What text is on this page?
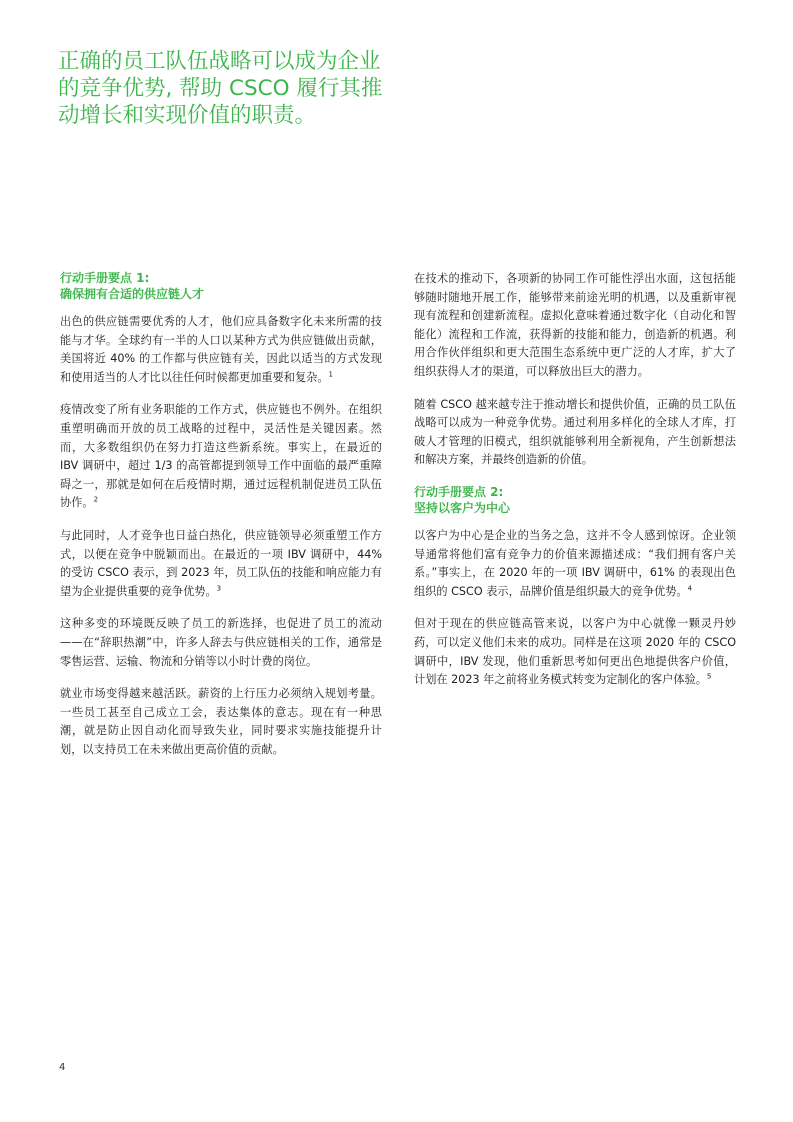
正确的员工队伍战略可以成为企业的竞争优势, 帮助 CSCO 履行其推动增长和实现价值的职责。
行动手册要点 1:
确保拥有合适的供应链人才

出色的供应链需要优秀的人才，他们应具备数字化未来所需的技能与才华。全球约有一半的人口以某种方式为供应链做出贡献，美国将近 40% 的工作都与供应链有关，因此以适当的方式发现和使用适当的人才比以往任何时候都更加重要和复杂。$^1$

疫情改变了所有业务职能的工作方式，供应链也不例外。在组织重塑明确而开放的员工战略的过程中，灵活性是关键因素。然而，大多数组织仍在努力打造这些新系统。事实上，在最近的 IBV 调研中，超过 1/3 的高管都提到领导工作中面临的最严重障碍之一，那就是如何在后疫情时期，通过远程机制促进员工队伍协作。$^2$

与此同时，人才竞争也日益白热化，供应链领导必须重塑工作方式，以便在竞争中脱颖而出。在最近的一项 IBV 调研中，44% 的受访 CSCO 表示，到 2023 年，员工队伍的技能和响应能力有望为企业提供重要的竞争优势。$^3$

这种多变的环境既反映了员工的新选择，也促进了员工的流动——在“辞职热潮”中，许多人辞去与供应链相关的工作，通常是零售运营、运输、物流和分销等以小时计费的岗位。

就业市场变得越来越活跃。薪资的上行压力必须纳入规划考量。一些员工甚至自己成立工会，表达集体的意志。现在有一种思潮，就是防止因自动化而导致失业，同时要求实施技能提升计划，以支持员工在未来做出更高价值的贡献。

在技术的推动下，各项新的协同工作可能性浮出水面，这包括能够随时随地开展工作，能够带来前途光明的机遇，以及重新审视现有流程和创建新流程。虚拟化意味着通过数字化（自动化和智能化）流程和工作流，获得新的技能和能力，创造新的机遇。利用合作伙伴组织和更大范围生态系统中更广泛的人才库，扩大了组织获得人才的渠道，可以释放出巨大的潜力。

随着 CSCO 越来越专注于推动增长和提供价值，正确的员工队伍战略可以成为一种竞争优势。通过利用多样化的全球人才库，打破人才管理的旧模式，组织就能够利用全新视角，产生创新想法和解决方案，并最终创造新的价值。

行动手册要点 2:
坚持以客户为中心

以客户为中心是企业的当务之急，这并不令人感到惊讶。企业领导通常将他们富有竞争力的价值来源描述成：“我们拥有客户关系。”事实上，在 2020 年的一项 IBV 调研中，61% 的表现出色组织的 CSCO 表示，品牌价值是组织最大的竞争优势。$^4$

但对于现在的供应链高管来说，以客户为中心就像一颗灵丹妙药，可以定义他们未来的成功。同样是在这项 2020 年的 CSCO 调研中，IBV 发现，他们重新思考如何更出色地提供客户价值，计划在 2023 年之前将业务模式转变为定制化的客户体验。$^5$

4
